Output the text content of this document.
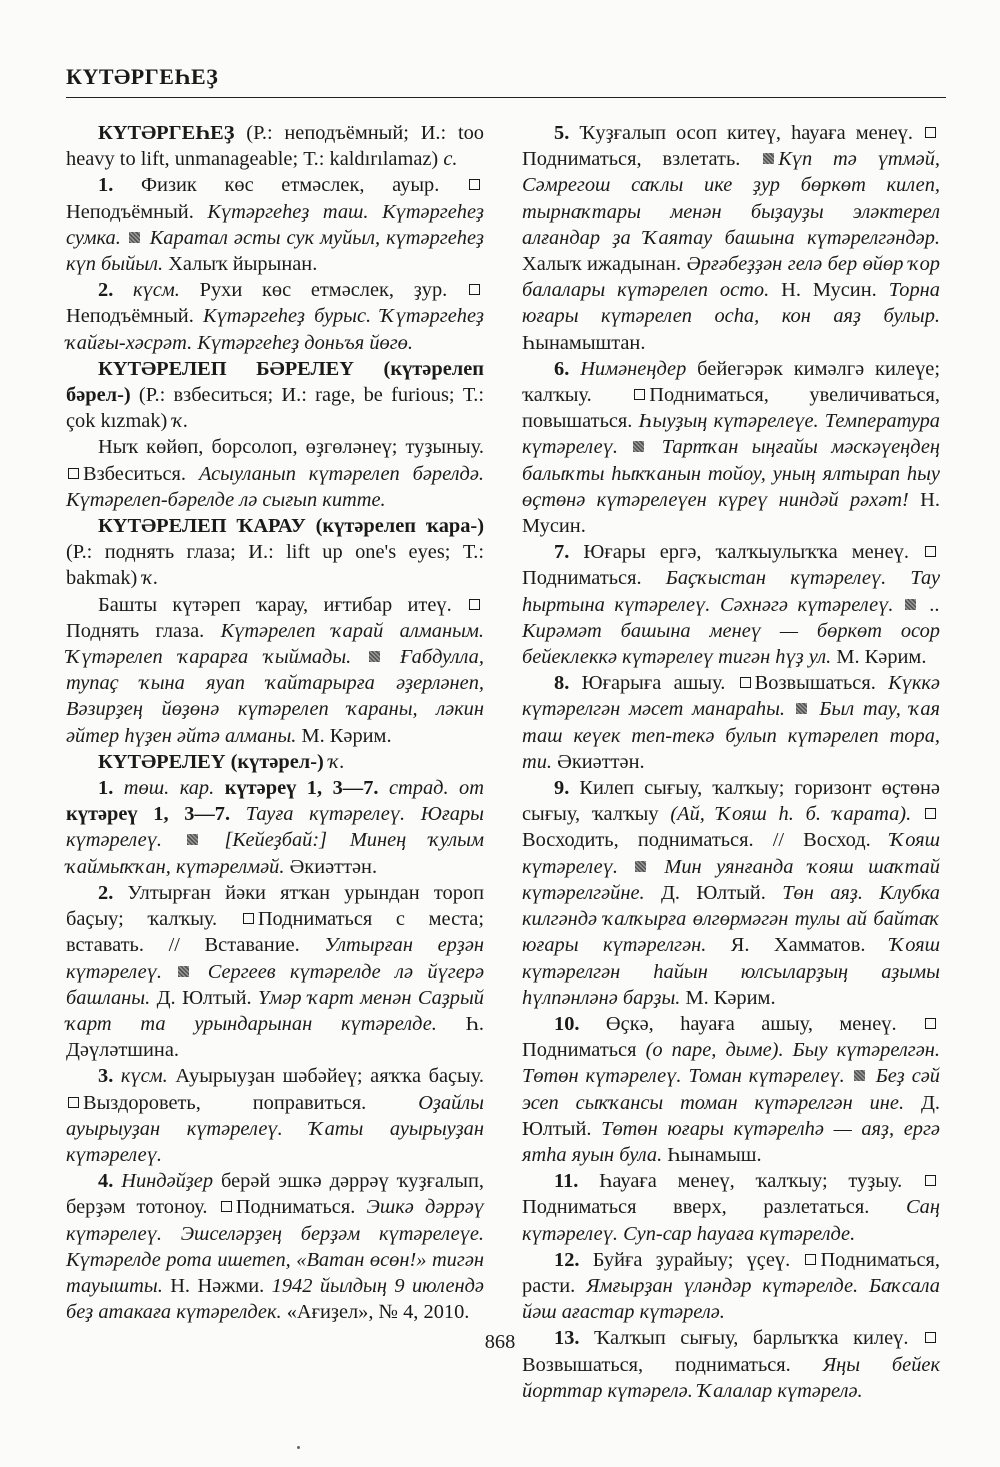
КҮТӘРГЕҺЕҘ

КҮТӘРГЕҺЕҘ (Р.: неподъёмный; И.: too heavy to lift, unmanageable; Т.: kaldırılamaz) с.

1. Физик көс етмәслек, ауыр. Неподъёмный. Күтәргеһеҙ таш. Күтәргеһеҙ сумка.  Каратал әсты сук муйыл, күтәргеһеҙ күп быйыл. Халыҡ йырынан.

2. күсм. Рухи көс етмәслек, ҙур. Неподъёмный. Күтәргеһеҙ бурыс. Ҡүтәргеһеҙ ҡайғы-хәсрәт. Күтәргеһеҙ доньъя йөгө.

КҮТӘРЕЛЕП БӘРЕЛЕҮ (күтәрелеп бәрел-) (Р.: взбеситься; И.: rage, be furious; Т.: çok kızmak) ҡ.

Ныҡ көйөп, борсолоп, өҙгөләнеү; туҙыныу. Взбеситься. Асыуланып күтәрелеп бәрелдә. Күтәрелеп-бәрелде лә сығып китте.

КҮТӘРЕЛЕП ҠАРАУ (күтәрелеп ҡара-) (Р.: поднять глаза; И.: lift up one's eyes; Т.: bakmak) ҡ.

Башты күтәреп ҡарау, иғтибар итеү. Поднять глаза. Күтәрелеп ҡарай алманым. Ҡүтәрелеп ҡарарға ҡыймады.  Ғабдулла, тупаҫ ҡына яуап ҡайтарырға әҙерләнеп, Вәзирҙең йөҙөнә күтәрелеп ҡараны, ләкин әйтер һүҙен әйтә алманы. М. Кәрим.

КҮТӘРЕЛЕҮ (күтәрел-) ҡ.

1. төш. кар. күтәреү 1, 3—7. страд. от күтәреү 1, 3—7. Тауға күтәрелеү. Юғары күтәрелеү.  [Кейеҙбай:] Минең ҡулым ҡаймыҡҡан, күтәрелмәй. Әкиәттән.

2. Ултырған йәки ятҡан урындан тороп баҫыу; ҡалҡыу. Подниматься с места; вставать. // Вставание. Ултырған ерҙән күтәрелеү.  Сергеев күтәрелде лә йүгерә башланы. Д. Юлтый. Үмәр ҡарт менән Саҙрый ҡарт та урындарынан күтәрелде. Һ. Дәүләтшина.

3. күсм. Ауырыуҙан шәбәйеү; аяҡҡа баҫыу. Выздороветь, поправиться. Оҙайлы ауырыуҙан күтәрелеү. Ҡаты ауырыуҙан күтәрелеү.

4. Ниндәйҙер берәй эшкә дәррәү ҡуҙғалып, берҙәм тотоноу. Подниматься. Эшкә дәррәү күтәрелеү. Эшселәрҙең берҙәм күтәрелеүе. Күтәрелде рота ишетеп, «Ватан өсөн!» тигән тауышты. Н. Нәжми. 1942 йылдың 9 июлендә беҙ атакаға күтәрелдек. «Ағиҙел», № 4, 2010.

5. Ҡуҙғалып осоп китеү, һауаға менеү. Подниматься, взлетать. Күп тә үтмәй, Сәмрегош саҡлы ике ҙур бөркөт килеп, тырнаҡтары менән быҙауҙы эләктерел алғандар ҙа Ҡаятау башына күтәрелгәндәр. Халыҡ ижадынан. Әрғәбеҙҙән гелә бер өйөр ҡор балалары күтәрелеп осто. Н. Мусин. Торна юғары күтәрелеп осһа, кон аяҙ булыр. Һынамыштан.

6. Нимәнеңдер бейегәрәк кимәлгә килеүе; ҡалҡыу. Подниматься, увеличиваться, повышаться. Һыуҙың күтәрелеүе. Температура күтәрелеү.  Тартҡан ыңғайы мәскәүеңдең балыҡты һыҡҡанын тойоу, уның ялтырап һыу өҫтөнә күтәрелеүен күреү ниндәй рәхәт! Н. Мусин.

7. Юғары ергә, ҡалҡыулыҡҡа менеү. Подниматься. Баҫҡыстан күтәрелеү. Тау һыртына күтәрелеү. Сәхнәгә күтәрелеү.  .. Кирәмәт башына менеү — бөркөт осор бейеклеккә күтәрелеү тигән һүҙ ул. М. Кәрим.

8. Юғарыға ашыу. Возвышаться. Күккә күтәрелгән мәсет манараһы.  Был тау, ҡая таш кеүек теп-текә булып күтәрелеп тора, ти. Әкиәттән.

9. Килеп сығыу, ҡалҡыу; горизонт өҫтөнә сығыу, ҡалҡыу (Ай, Ҡояш һ. б. ҡарата).  Восходить, подниматься. // Восход. Ҡояш күтәрелеү.  Мин уянғанда ҡояш шаҡтай күтәрелгәйне. Д. Юлтый. Төн аяҙ. Клубка килгәндә ҡалҡырға өлгөрмәгән тулы ай байтаҡ юғары күтәрелгән. Я. Хамматов. Ҡояш күтәрелгән һайын юлсыларҙың аҙымы һүлпәнләнә барҙы. М. Кәрим.

10. Өҫкә, һауаға ашыу, менеү. Подниматься (о паре, дыме). Быу күтәрелгән. Төтөн күтәрелеү. Томан күтәрелеү.  Беҙ сәй эсеп сыҡҡансы томан күтәрелгән ине. Д. Юлтый. Төтөн юғары күтәрелһә — аяҙ, ергә ятһа яуын була. Һынамыш.

11. Һауаға менеү, ҡалҡыу; туҙыу. Подниматься вверх, разлетаться. Саң күтәрелеү. Суп-сар һауаға күтәрелде.

12. Буйға ҙурайыу; үҫеү. Подниматься, расти. Ямғырҙан үләндәр күтәрелде. Баҡсала йәш ағастар күтәрелә.

13. Ҡалҡып сығыу, барлыҡҡа килеү. Возвышаться, подниматься. Яңы бейек йорттар күтәрелә. Ҡалалар күтәрелә.

868
